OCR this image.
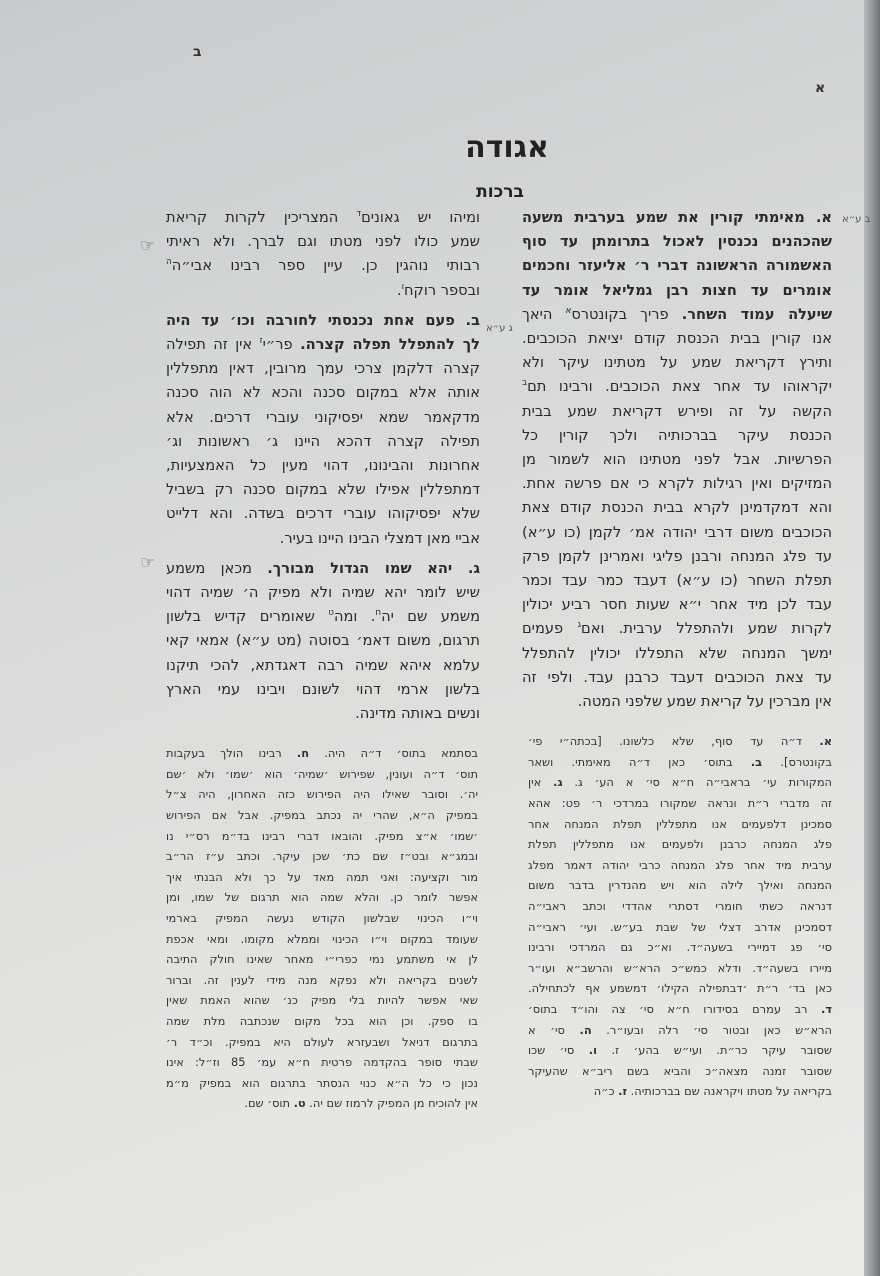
ב
א
אגודה
ברכות
ב ע״א
ג ע״א
☞
☞
א. מאימתי קורין את שמע בערבית משעה
שהכהנים נכנסין לאכול בתרומתן עד סוף
האשמורה הראשונה דברי ר׳ אליעזר וחכמים
אומרים עד חצות רבן גמליאל אומר עד
שיעלה עמוד השחר. פריך בקונטרס$^א$ היאך
אנו קורין בבית הכנסת קודם יציאת הכוכבים.
ותירץ דקריאת שמע על מטתינו עיקר ולא
יקראוהו עד אחר צאת הכוכבים. ורבינו תם$^ב$
הקשה על זה ופירש דקריאת שמע בבית
הכנסת עיקר בברכותיה ולכך קורין כל
הפרשיות. אבל לפני מטתינו הוא לשמור מן
המזיקים ואין רגילות לקרא כי אם פרשה אחת.
והא דמקדמינן לקרא בבית הכנסת קודם צאת
הכוכבים משום דרבי יהודה אמ׳ לקמן (כו ע״א)
עד פלג המנחה ורבנן פליגי ואמרינן לקמן פרק
תפלת השחר (כו ע״א) דעבד כמר עבד וכמר
עבד לכן מיד אחר י״א שעות חסר רביע יכולין
לקרות שמע ולהתפלל ערבית. ואם$^ג$ פעמים
ימשך המנחה שלא התפללו יכולין להתפלל
עד צאת הכוכבים דעבד כרבנן עבד. ולפי זה
אין מברכין על קריאת שמע שלפני המטה.
א. ד״ה עד סוף, שלא כלשונו. [בכתה״י פי׳
בקונטרס]. ב. בתוס׳ כאן ד״ה מאימתי. ושאר
המקורות עי׳ בראבי״ה ח״א סי׳ א הע׳ ג. ג. אין
זה מדברי ר״ת ונראה שמקורו במרדכי ר׳ פט: אהא
סמכינן דלפעמים אנו מתפללין תפלת המנחה אחר
פלג המנחה כרבנן ולפעמים אנו מתפללין תפלת
ערבית מיד אחר פלג המנחה כרבי יהודה דאמר מפלג
המנחה ואילך לילה הוא ויש מהנדרין בדבר משום
דנראה כשתי חומרי דסתרי אהדדי וכתב ראבי״ה
דסמכינן אדרב דצלי של שבת בע״ש. ועי׳ ראבי״ה
סי׳ פג דמיירי בשעה״ד. וא״כ גם המרדכי ורבינו
מיירו בשעה״ד. ודלא כמש״כ הרא״ש והרשב״א ועו״ר
כאן בד׳ ר״ת ׳דבתפילה הקילו׳ דמשמע אף לכתחילה.
ד. רב עמרם בסידורו ח״א סי׳ צה והו״ד בתוס׳
הרא״ש כאן ובטור סי׳ רלה ובעו״ר. ה. סי׳ א
שסובר עיקר כר״ת. ועי״ש בהע׳ ז. ו. סי׳ שכו
שסובר זמנה מצאה״כ והביא בשם ריב״א שהעיקר
בקריאה על מטתו ויקראנה שם בברכותיה. ז. כ״ה
ומיהו יש גאונים$^ד$ המצריכין לקרות קריאת
שמע כולו לפני מטתו וגם לברך. ולא ראיתי
רבותי נוהגין כן. עיין ספר רבינו אבי״ה$^ה$
ובספר רוקח$^ו$.
ב. פעם אחת נכנסתי לחורבה וכו׳ עד היה
לך להתפלל תפלה קצרה. פר״י$^ז$ אין זה תפילה
קצרה דלקמן צרכי עמך מרובין, דאין מתפללין
אותה אלא במקום סכנה והכא לא הוה סכנה
מדקאמר שמא יפסיקוני עוברי דרכים. אלא
תפילה קצרה דהכא היינו ג׳ ראשונות וג׳
אחרונות והבינונו, דהוי מעין כל האמצעיות,
דמתפללין אפילו שלא במקום סכנה רק בשביל
שלא יפסיקוהו עוברי דרכים בשדה. והא דלייט
אביי מאן דמצלי הבינו היינו בעיר.
ג. יהא שמו הגדול מבורך. מכאן משמע
שיש לומר יהא שמיה ולא מפיק ה׳ שמיה דהוי
משמע שם יה$^ח$. ומה$^ט$ שאומרים קדיש בלשון
תרגום, משום דאמ׳ בסוטה (מט ע״א) אמאי קאי
עלמא איהא שמיה רבה דאגדתא, להכי תיקנו
בלשון ארמי דהוי לשונם ויבינו עמי הארץ
ונשים באותה מדינה.
בסתמא בתוס׳ ד״ה היה. ח. רבינו הולך בעקבות
תוס׳ ד״ה ועונין, שפירוש ׳שמיה׳ הוא ׳שמו׳ ולא ׳שם
יה׳. וסובר שאילו היה הפירוש כזה האחרון, היה צ״ל
במפיק ה״א, שהרי יה נכתב במפיק. אבל אם הפירוש
׳שמו׳ א״צ מפיק. והובאו דברי רבינו בד״מ רס״י נו
ובמג״א ובט״ז שם כת׳ שכן עיקר. וכתב ע״ז הר״ב
מור וקציעה: ואני תמה מאד על כך ולא הבנתי איך
אפשר לומר כן. והלא שמה הוא תרגום של שמו, ומן
וי״ו הכינוי שבלשון הקודש נעשה המפיק בארמי
שעומד במקום וי״ו הכינוי וממלא מקומו. ומאי אכפת
לן אי משתמע נמי כפרי״י מאחר שאינו חולק התיבה
לשנים בקריאה ולא נפקא מנה מידי לענין זה. וברור
שאי אפשר להיות בלי מפיק כנ׳ שהוא האמת שאין
בו ספק. וכן הוא בכל מקום שנכתבה מלת שמה
בתרגום דניאל ושבעזרא לעולם היא במפיק. וכ״ד ר׳
שבתי סופר בהקדמה פרטית ח״א עמ׳ 85 וז״ל: אינו
נכון כי כל ה״א כנוי הנסתר בתרגום הוא במפיק מ״מ
אין להוכיח מן המפיק לרמוז שם יה. ט. תוס׳ שם.
